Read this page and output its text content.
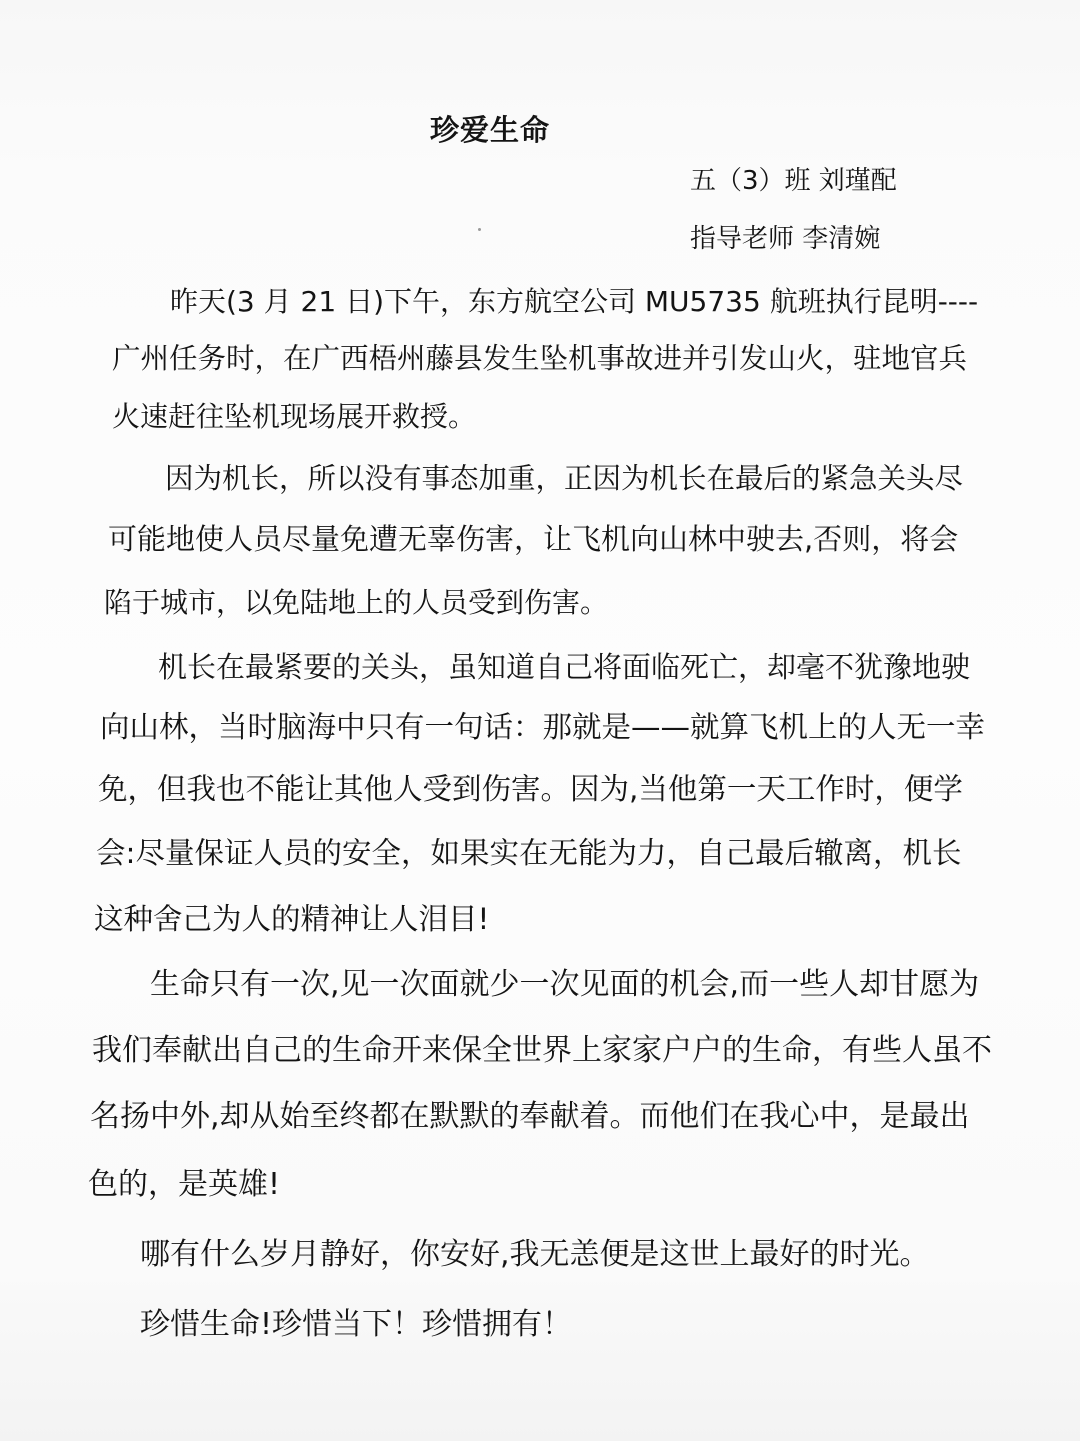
珍爱生命
五（3）班 刘瑾配
指导老师 李清婉
昨天(3 月 21 日)下午，东方航空公司 MU5735 航班执行昆明----
广州任务时，在广西梧州藤县发生坠机事故进并引发山火，驻地官兵
火速赶往坠机现场展开救授。
因为机长，所以没有事态加重，正因为机长在最后的紧急关头尽
可能地使人员尽量免遭无辜伤害，让飞机向山林中驶去,否则，将会
陷于城市，以免陆地上的人员受到伤害。
机长在最紧要的关头，虽知道自己将面临死亡，却毫不犹豫地驶
向山林，当时脑海中只有一句话：那就是——就算飞机上的人无一幸
免，但我也不能让其他人受到伤害。因为,当他第一天工作时，便学
会:尽量保证人员的安全，如果实在无能为力，自己最后辙离，机长
这种舍己为人的精神让人泪目!
生命只有一次,见一次面就少一次见面的机会,而一些人却甘愿为
我们奉献出自己的生命开来保全世界上家家户户的生命，有些人虽不
名扬中外,却从始至终都在默默的奉献着。而他们在我心中，是最出
色的，是英雄!
哪有什么岁月静好，你安好,我无恙便是这世上最好的时光。
珍惜生命!珍惜当下！珍惜拥有！
